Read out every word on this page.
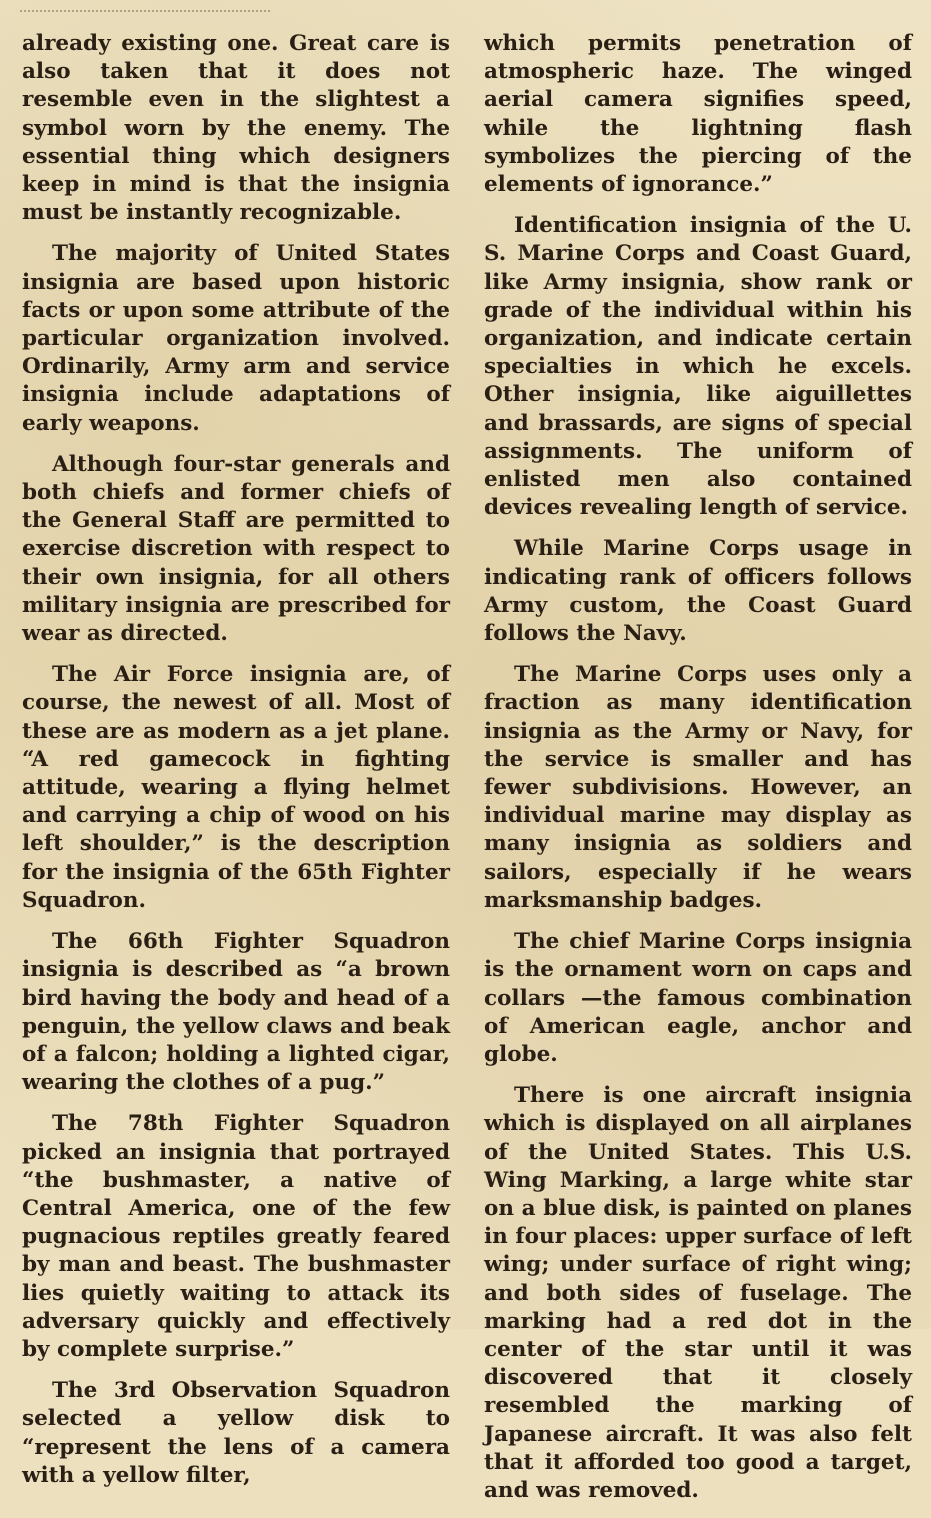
already existing one. Great care is also taken that it does not resemble even in the slightest a symbol worn by the enemy. The essential thing which designers keep in mind is that the insignia must be instantly recognizable.

The majority of United States insignia are based upon historic facts or upon some attribute of the particular organization involved. Ordinarily, Army arm and service insignia include adaptations of early weapons.

Although four-star generals and both chiefs and former chiefs of the General Staff are permitted to exercise discretion with respect to their own insignia, for all others military insignia are prescribed for wear as directed.

The Air Force insignia are, of course, the newest of all. Most of these are as modern as a jet plane. “A red gamecock in fighting attitude, wearing a flying helmet and carrying a chip of wood on his left shoulder,” is the description for the insignia of the 65th Fighter Squadron.

The 66th Fighter Squadron insignia is described as “a brown bird having the body and head of a penguin, the yellow claws and beak of a falcon; holding a lighted cigar, wearing the clothes of a pug.”

The 78th Fighter Squadron picked an insignia that portrayed “the bushmaster, a native of Central America, one of the few pugnacious reptiles greatly feared by man and beast. The bushmaster lies quietly waiting to attack its adversary quickly and effectively by complete surprise.”

The 3rd Observation Squadron selected a yellow disk to “represent the lens of a camera with a yellow filter,

which permits penetration of atmospheric haze. The winged aerial camera signifies speed, while the lightning flash symbolizes the piercing of the elements of ignorance.”

Identification insignia of the U. S. Marine Corps and Coast Guard, like Army insignia, show rank or grade of the individual within his organization, and indicate certain specialties in which he excels. Other insignia, like aiguillettes and brassards, are signs of special assignments. The uniform of enlisted men also contained devices revealing length of service.

While Marine Corps usage in indicating rank of officers follows Army custom, the Coast Guard follows the Navy.

The Marine Corps uses only a fraction as many identification insignia as the Army or Navy, for the service is smaller and has fewer subdivisions. However, an individual marine may display as many insignia as soldiers and sailors, especially if he wears marksmanship badges.

The chief Marine Corps insignia is the ornament worn on caps and collars —the famous combination of American eagle, anchor and globe.

There is one aircraft insignia which is displayed on all airplanes of the United States. This U.S. Wing Marking, a large white star on a blue disk, is painted on planes in four places: upper surface of left wing; under surface of right wing; and both sides of fuselage. The marking had a red dot in the center of the star until it was discovered that it closely resembled the marking of Japanese aircraft. It was also felt that it afforded too good a target, and was removed.
